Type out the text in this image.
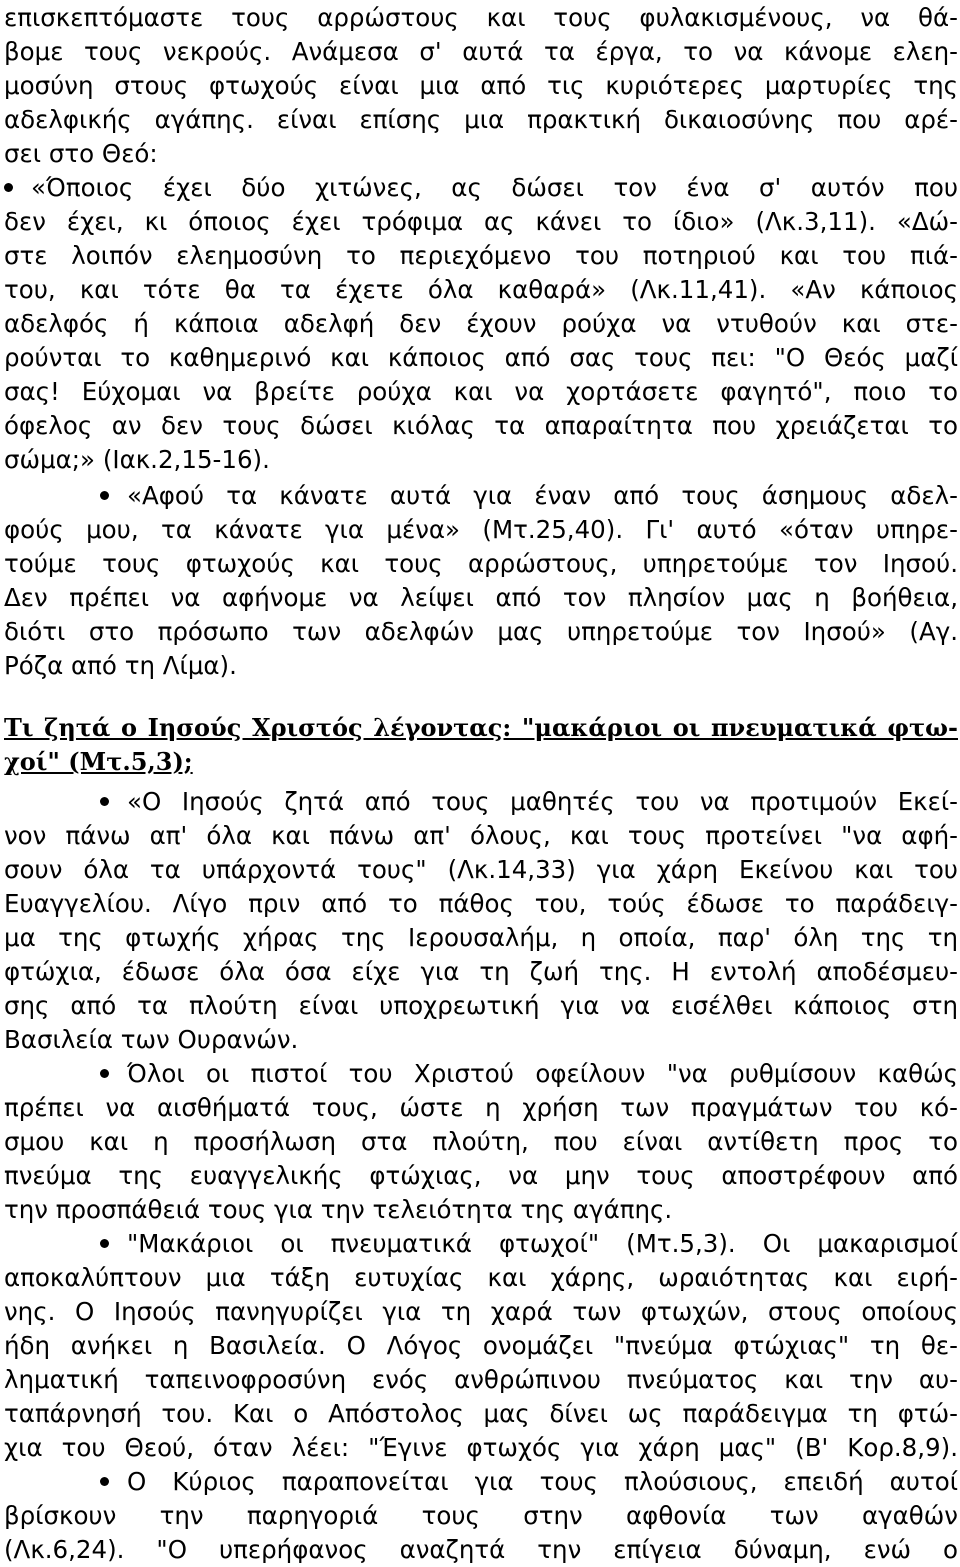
επισκεπτόμαστε τους αρρώστους και τους φυλακισμένους, να θά-
βομε τους νεκρούς. Ανάμεσα σ' αυτά τα έργα, το να κάνομε ελεη-
μοσύνη στους φτωχούς είναι μια από τις κυριότερες μαρτυρίες της
αδελφικής αγάπης. είναι επίσης μια πρακτική δικαιοσύνης που αρέ-
σει στο Θεό:
«Όποιος έχει δύο χιτώνες, ας δώσει τον ένα σ' αυτόν που
δεν έχει, κι όποιος έχει τρόφιμα ας κάνει το ίδιο» (Λκ.3,11). «Δώ-
στε λοιπόν ελεημοσύνη το περιεχόμενο του ποτηριού και του πιά-
του, και τότε θα τα έχετε όλα καθαρά» (Λκ.11,41). «Αν κάποιος
αδελφός ή κάποια αδελφή δεν έχουν ρούχα να ντυθούν και στε-
ρούνται το καθημερινό και κάποιος από σας τους πει: "Ο Θεός μαζί
σας! Εύχομαι να βρείτε ρούχα και να χορτάσετε φαγητό", ποιο το
όφελος αν δεν τους δώσει κιόλας τα απαραίτητα που χρειάζεται το
σώμα;» (Ιακ.2,15-16).
«Αφού τα κάνατε αυτά για έναν από τους άσημους αδελ-
φούς μου, τα κάνατε για μένα» (Μτ.25,40). Γι' αυτό «όταν υπηρε-
τούμε τους φτωχούς και τους αρρώστους, υπηρετούμε τον Ιησού.
Δεν πρέπει να αφήνομε να λείψει από τον πλησίον μας η βοήθεια,
διότι στο πρόσωπο των αδελφών μας υπηρετούμε τον Ιησού» (Αγ.
Ρόζα από τη Λίμα).
Τι ζητά ο Ιησούς Χριστός λέγοντας: "μακάριοι οι πνευματικά φτω-
χοί" (Μτ.5,3);
«Ο Ιησούς ζητά από τους μαθητές του να προτιμούν Εκεί-
νον πάνω απ' όλα και πάνω απ' όλους, και τους προτείνει "να αφή-
σουν όλα τα υπάρχοντά τους" (Λκ.14,33) για χάρη Εκείνου και του
Ευαγγελίου. Λίγο πριν από το πάθος του, τούς έδωσε το παράδειγ-
μα της φτωχής χήρας της Ιερουσαλήμ, η οποία, παρ' όλη της τη
φτώχια, έδωσε όλα όσα είχε για τη ζωή της. Η εντολή αποδέσμευ-
σης από τα πλούτη είναι υποχρεωτική για να εισέλθει κάποιος στη
Βασιλεία των Ουρανών.
Όλοι οι πιστοί του Χριστού οφείλουν "να ρυθμίσουν καθώς
πρέπει να αισθήματά τους, ώστε η χρήση των πραγμάτων του κό-
σμου και η προσήλωση στα πλούτη, που είναι αντίθετη προς το
πνεύμα της ευαγγελικής φτώχιας, να μην τους αποστρέφουν από
την προσπάθειά τους για την τελειότητα της αγάπης.
"Μακάριοι οι πνευματικά φτωχοί" (Μτ.5,3). Οι μακαρισμοί
αποκαλύπτουν μια τάξη ευτυχίας και χάρης, ωραιότητας και ειρή-
νης. Ο Ιησούς πανηγυρίζει για τη χαρά των φτωχών, στους οποίους
ήδη ανήκει η Βασιλεία. Ο Λόγος ονομάζει "πνεύμα φτώχιας" τη θε-
ληματική ταπεινοφροσύνη ενός ανθρώπινου πνεύματος και την αυ-
ταπάρνησή του. Και ο Απόστολος μας δίνει ως παράδειγμα τη φτώ-
χια του Θεού, όταν λέει: "Έγινε φτωχός για χάρη μας" (Β' Κορ.8,9).
Ο Κύριος παραπονείται για τους πλούσιους, επειδή αυτοί
βρίσκουν την παρηγοριά τους στην αφθονία των αγαθών
(Λκ.6,24). "Ο υπερήφανος αναζητά την επίγεια δύναμη, ενώ ο
